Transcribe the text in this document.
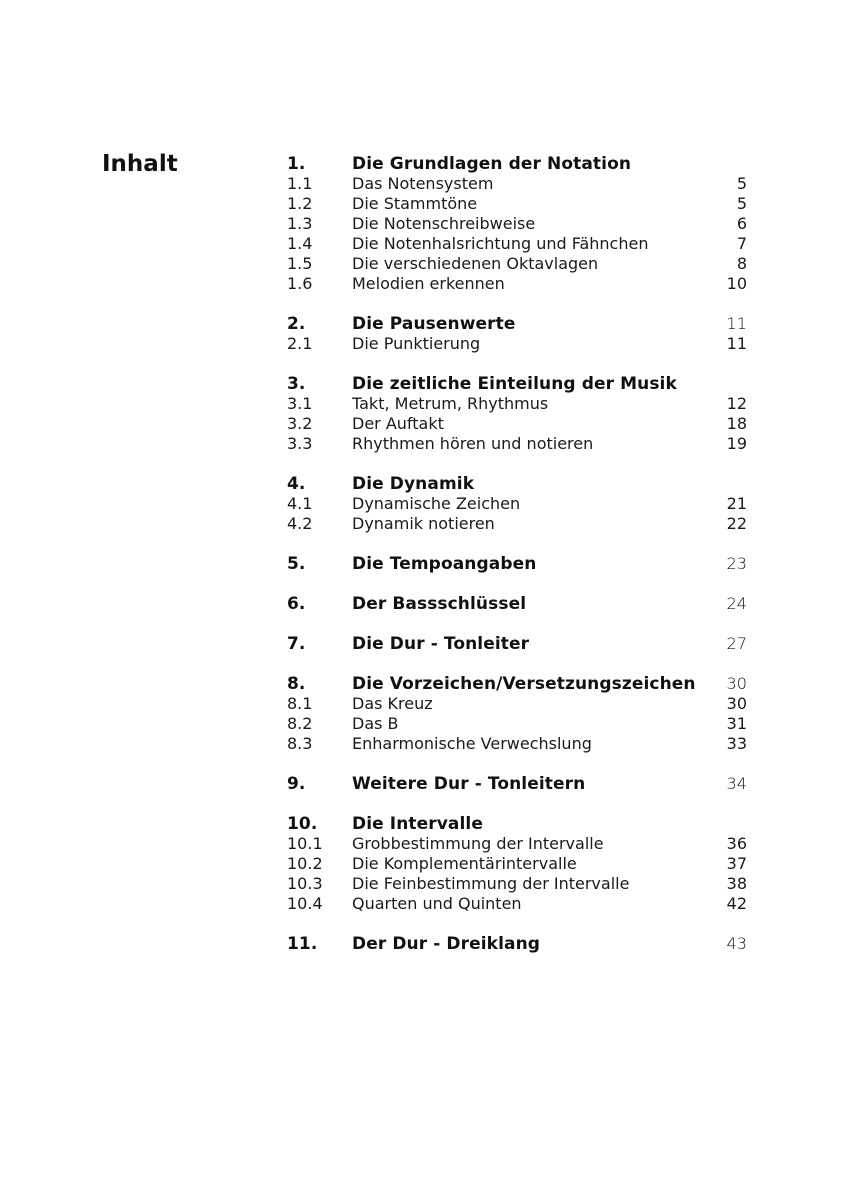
Inhalt	1.	Die Grundlagen der Notation
1.1	Das Notensystem	5
1.2	Die Stammtöne	5
1.3	Die Notenschreibweise	6
1.4	Die Notenhalsrichtung und Fähnchen	7
1.5	Die verschiedenen Oktavlagen	8
1.6	Melodien erkennen	10
2.	Die Pausenwerte	11
2.1	Die Punktierung	11
3.	Die zeitliche Einteilung der Musik
3.1	Takt, Metrum, Rhythmus	12
3.2	Der Auftakt	18
3.3	Rhythmen hören und notieren	19
4.	Die Dynamik
4.1	Dynamische Zeichen	21
4.2	Dynamik notieren	22
5.	Die Tempoangaben	23
6.	Der Bassschlüssel	24
7.	Die Dur - Tonleiter	27
8.	Die Vorzeichen/Versetzungszeichen	30
8.1	Das Kreuz	30
8.2	Das B	31
8.3	Enharmonische Verwechslung	33
9.	Weitere Dur - Tonleitern	34
10.	Die Intervalle
10.1	Grobbestimmung der Intervalle	36
10.2	Die Komplementärintervalle	37
10.3	Die Feinbestimmung der Intervalle	38
10.4	Quarten und Quinten	42
11.	Der Dur - Dreiklang	43
